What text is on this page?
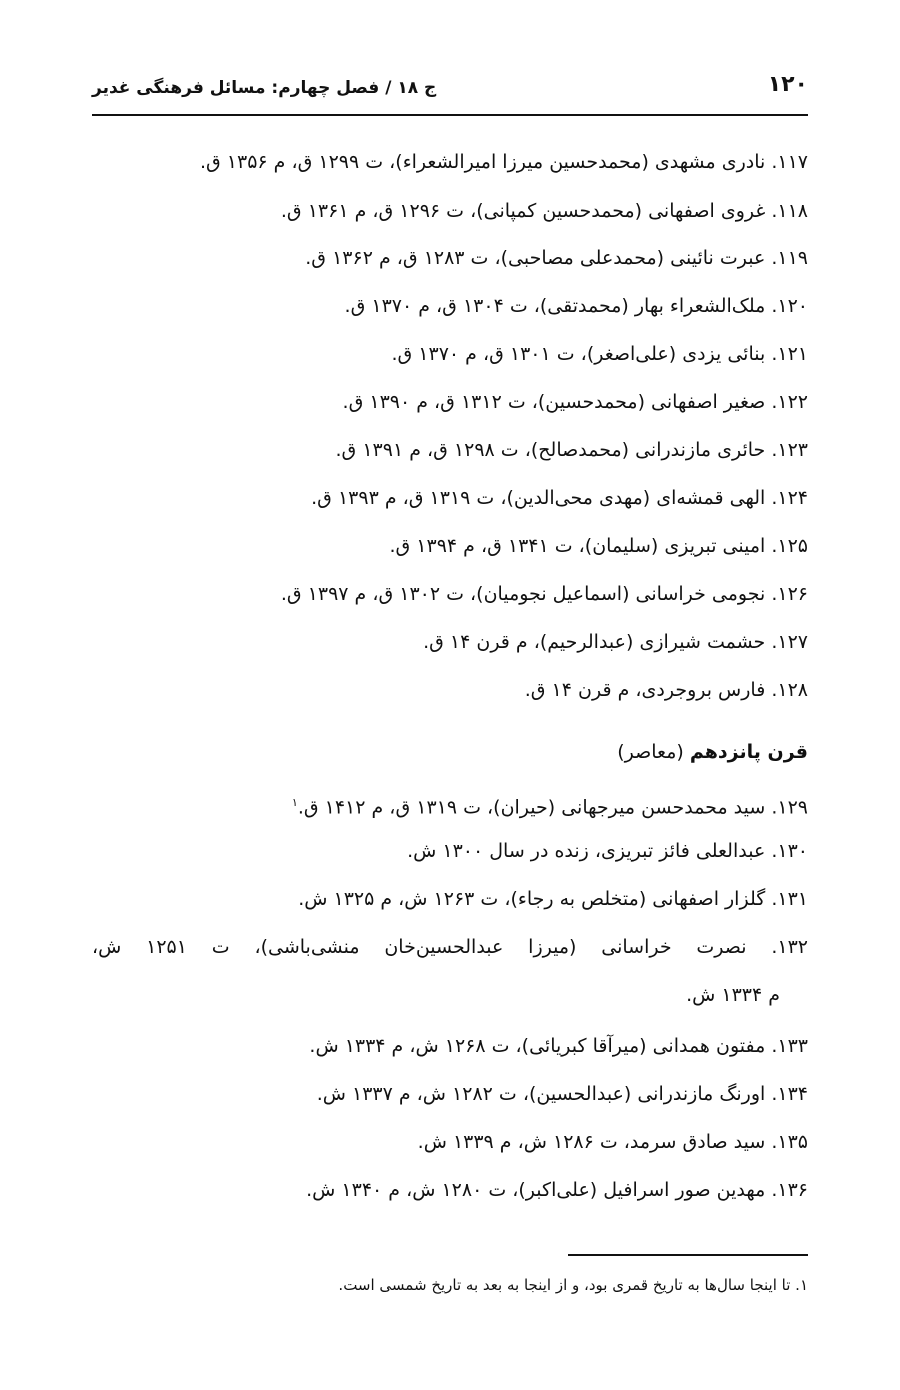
۱۲۰
ج ۱۸ / فصل چهارم: مسائل فرهنگی غدیر
۱۱۷. نادری مشهدی (محمدحسین میرزا امیرالشعراء)، ت ۱۲۹۹ ق، م ۱۳۵۶ ق.
۱۱۸. غروی اصفهانی (محمدحسین کمپانی)، ت ۱۲۹۶ ق، م ۱۳۶۱ ق.
۱۱۹. عبرت نائینی (محمدعلی مصاحبی)، ت ۱۲۸۳ ق، م ۱۳۶۲ ق.
۱۲۰. ملک‌الشعراء بهار (محمدتقی)، ت ۱۳۰۴ ق، م ۱۳۷۰ ق.
۱۲۱. بنائی یزدی (علی‌اصغر)، ت ۱۳۰۱ ق، م ۱۳۷۰ ق.
۱۲۲. صغیر اصفهانی (محمدحسین)، ت ۱۳۱۲ ق، م ۱۳۹۰ ق.
۱۲۳. حائری مازندرانی (محمدصالح)، ت ۱۲۹۸ ق، م ۱۳۹۱ ق.
۱۲۴. الهی قمشه‌ای (مهدی محی‌الدین)، ت ۱۳۱۹ ق، م ۱۳۹۳ ق.
۱۲۵. امینی تبریزی (سلیمان)، ت ۱۳۴۱ ق، م ۱۳۹۴ ق.
۱۲۶. نجومی خراسانی (اسماعیل نجومیان)، ت ۱۳۰۲ ق، م ۱۳۹۷ ق.
۱۲۷. حشمت شیرازی (عبدالرحیم)، م قرن ۱۴ ق.
۱۲۸. فارس بروجردی، م قرن ۱۴ ق.
قرن پانزدهم (معاصر)
۱۲۹. سید محمدحسن میرجهانی (حیران)، ت ۱۳۱۹ ق، م ۱۴۱۲ ق.$^۱$
۱۳۰. عبدالعلی فائز تبریزی، زنده در سال ۱۳۰۰ ش.
۱۳۱. گلزار اصفهانی (متخلص به رجاء)، ت ۱۲۶۳ ش، م ۱۳۲۵ ش.
۱۳۲. نصرت خراسانی (میرزا عبدالحسین‌خان منشی‌باشی)، ت ۱۲۵۱ ش،
م ۱۳۳۴ ش.
۱۳۳. مفتون همدانی (میرآقا کبریائی)، ت ۱۲۶۸ ش، م ۱۳۳۴ ش.
۱۳۴. اورنگ مازندرانی (عبدالحسین)، ت ۱۲۸۲ ش، م ۱۳۳۷ ش.
۱۳۵. سید صادق سرمد، ت ۱۲۸۶ ش، م ۱۳۳۹ ش.
۱۳۶. مهدین صور اسرافیل (علی‌اکبر)، ت ۱۲۸۰ ش، م ۱۳۴۰ ش.
۱. تا اینجا سال‌ها به تاریخ قمری بود، و از اینجا به بعد به تاریخ شمسی است.
